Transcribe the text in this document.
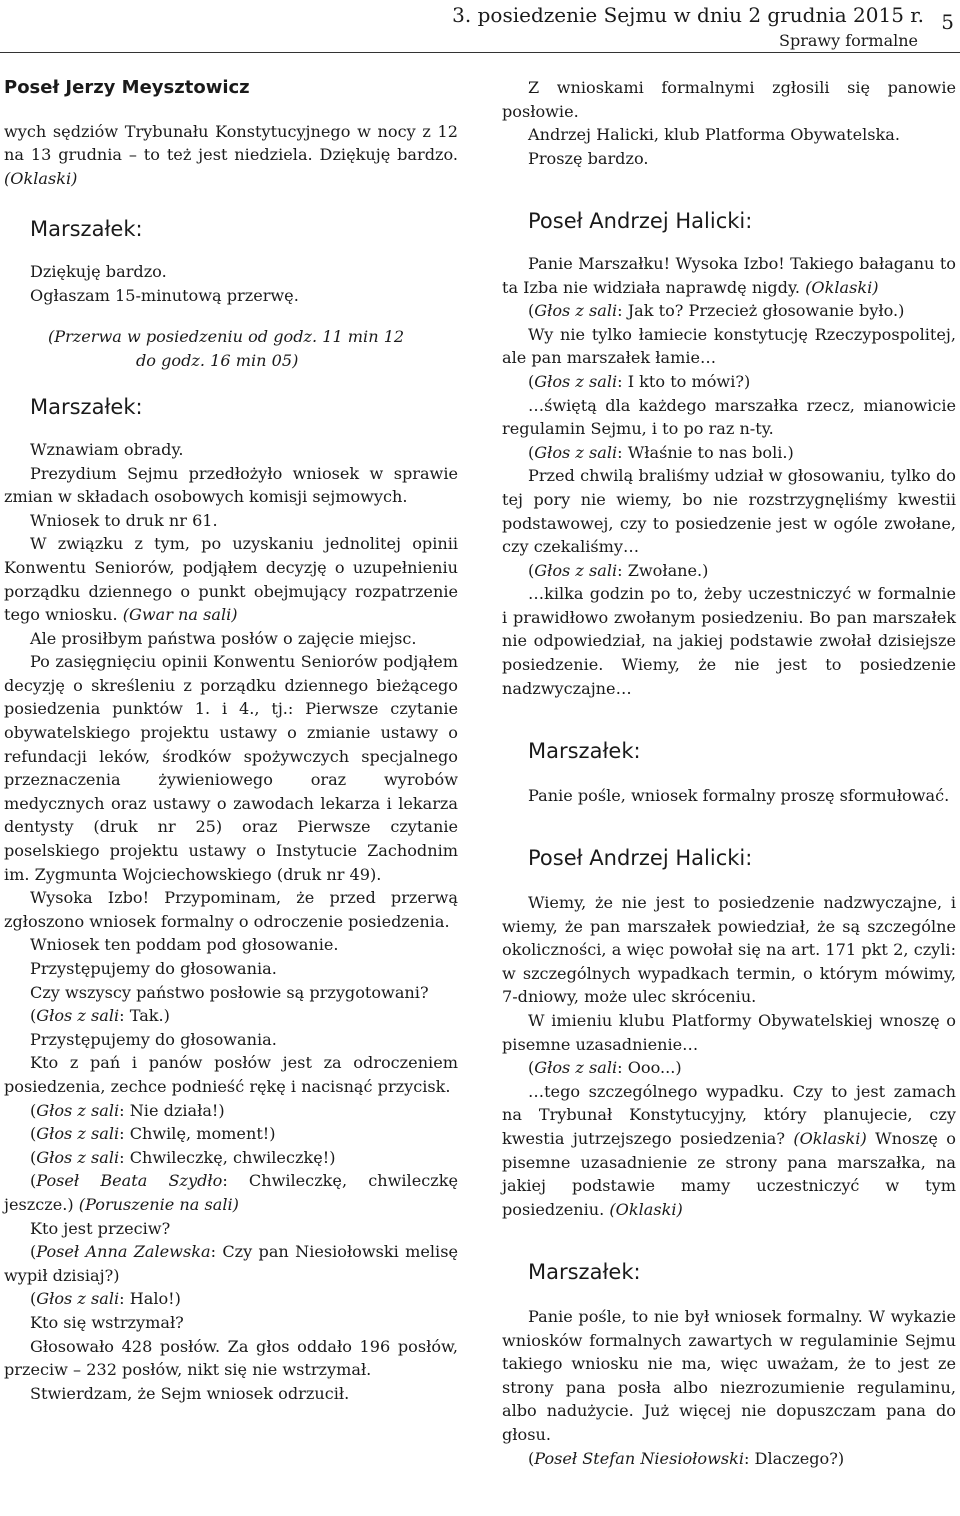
3. posiedzenie Sejmu w dniu 2 grudnia 2015 r.
Sprawy formalne
5
Poseł Jerzy Meysztowicz

wych sędziów Trybunału Konstytucyjnego w nocy z 12 na 13 grudnia – to też jest niedziela. Dziękuję bardzo. (Oklaski)

Marszałek:

Dziękuję bardzo.

Ogłaszam 15-minutową przerwę.

(Przerwa w posiedzeniu od godz. 11 min 12
do godz. 16 min 05)
Marszałek:

Wznawiam obrady.

Prezydium Sejmu przedłożyło wniosek w sprawie zmian w składach osobowych komisji sejmowych.

Wniosek to druk nr 61.

W związku z tym, po uzyskaniu jednolitej opinii Konwentu Seniorów, podjąłem decyzję o uzupełnieniu porządku dziennego o punkt obejmujący rozpatrzenie tego wniosku. (Gwar na sali)

Ale prosiłbym państwa posłów o zajęcie miejsc.

Po zasięgnięciu opinii Konwentu Seniorów podjąłem decyzję o skreśleniu z porządku dziennego bieżącego posiedzenia punktów 1. i 4., tj.: Pierwsze czytanie obywatelskiego projektu ustawy o zmianie ustawy o refundacji leków, środków spożywczych specjalnego przeznaczenia żywieniowego oraz wyrobów medycznych oraz ustawy o zawodach lekarza i lekarza dentysty (druk nr 25) oraz Pierwsze czytanie poselskiego projektu ustawy o Instytucie Zachodnim im. Zygmunta Wojciechowskiego (druk nr 49).

Wysoka Izbo! Przypominam, że przed przerwą zgłoszono wniosek formalny o odroczenie posiedzenia.

Wniosek ten poddam pod głosowanie.

Przystępujemy do głosowania.

Czy wszyscy państwo posłowie są przygotowani?

(Głos z sali: Tak.)

Przystępujemy do głosowania.

Kto z pań i panów posłów jest za odroczeniem posiedzenia, zechce podnieść rękę i nacisnąć przycisk.

(Głos z sali: Nie działa!)

(Głos z sali: Chwilę, moment!)

(Głos z sali: Chwileczkę, chwileczkę!)

(Poseł Beata Szydło: Chwileczkę, chwileczkę jeszcze.) (Poruszenie na sali)

Kto jest przeciw?

(Poseł Anna Zalewska: Czy pan Niesiołowski melisę wypił dzisiaj?)

(Głos z sali: Halo!)

Kto się wstrzymał?

Głosowało 428 posłów. Za głos oddało 196 posłów, przeciw – 232 posłów, nikt się nie wstrzymał.

Stwierdzam, że Sejm wniosek odrzucił.

Z wnioskami formalnymi zgłosili się panowie posłowie.

Andrzej Halicki, klub Platforma Obywatelska.

Proszę bardzo.

Poseł Andrzej Halicki:

Panie Marszałku! Wysoka Izbo! Takiego bałaganu to ta Izba nie widziała naprawdę nigdy. (Oklaski)

(Głos z sali: Jak to? Przecież głosowanie było.)

Wy nie tylko łamiecie konstytucję Rzeczypospolitej, ale pan marszałek łamie…

(Głos z sali: I kto to mówi?)

…świętą dla każdego marszałka rzecz, mianowicie regulamin Sejmu, i to po raz n-ty.

(Głos z sali: Właśnie to nas boli.)

Przed chwilą braliśmy udział w głosowaniu, tylko do tej pory nie wiemy, bo nie rozstrzygnęliśmy kwestii podstawowej, czy to posiedzenie jest w ogóle zwołane, czy czekaliśmy…

(Głos z sali: Zwołane.)

…kilka godzin po to, żeby uczestniczyć w formalnie i prawidłowo zwołanym posiedzeniu. Bo pan marszałek nie odpowiedział, na jakiej podstawie zwołał dzisiejsze posiedzenie. Wiemy, że nie jest to posiedzenie nadzwyczajne…

Marszałek:

Panie pośle, wniosek formalny proszę sformułować.

Poseł Andrzej Halicki:

Wiemy, że nie jest to posiedzenie nadzwyczajne, i wiemy, że pan marszałek powiedział, że są szczególne okoliczności, a więc powołał się na art. 171 pkt 2, czyli: w szczególnych wypadkach termin, o którym mówimy, 7-dniowy, może ulec skróceniu.

W imieniu klubu Platformy Obywatelskiej wnoszę o pisemne uzasadnienie…

(Głos z sali: Ooo...)

…tego szczególnego wypadku. Czy to jest zamach na Trybunał Konstytucyjny, który planujecie, czy kwestia jutrzejszego posiedzenia? (Oklaski) Wnoszę o pisemne uzasadnienie ze strony pana marszałka, na jakiej podstawie mamy uczestniczyć w tym posiedzeniu. (Oklaski)

Marszałek:

Panie pośle, to nie był wniosek formalny. W wykazie wniosków formalnych zawartych w regulaminie Sejmu takiego wniosku nie ma, więc uważam, że to jest ze strony pana posła albo niezrozumienie regulaminu, albo nadużycie. Już więcej nie dopuszczam pana do głosu.

(Poseł Stefan Niesiołowski: Dlaczego?)
